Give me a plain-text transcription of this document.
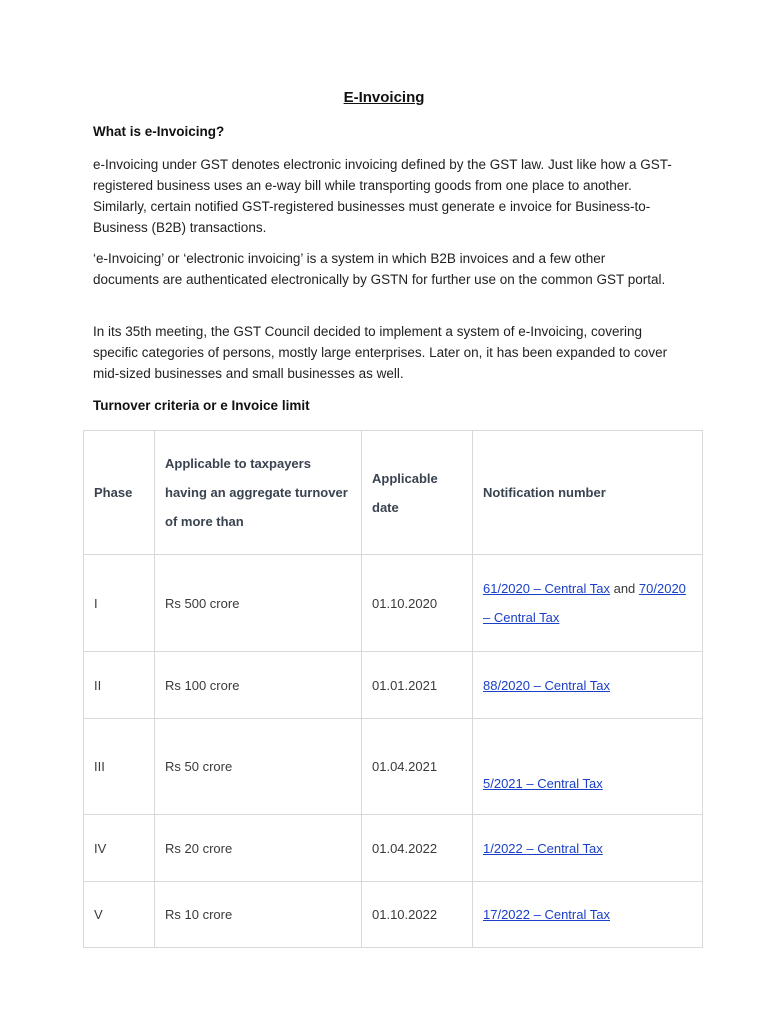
E-Invoicing
What is e-Invoicing?

e-Invoicing under GST denotes electronic invoicing defined by the GST law. Just like how a GST-registered business uses an e-way bill while transporting goods from one place to another. Similarly, certain notified GST-registered businesses must generate e invoice for Business-to-Business (B2B) transactions.

‘e-Invoicing’ or ‘electronic invoicing’ is a system in which B2B invoices and a few other documents are authenticated electronically by GSTN for further use on the common GST portal.

In its 35th meeting, the GST Council decided to implement a system of e-Invoicing, covering specific categories of persons, mostly large enterprises. Later on, it has been expanded to cover mid-sized businesses and small businesses as well.

Turnover criteria or e Invoice limit
Phase	Applicable to taxpayers having an aggregate turnover of more than	Applicable date	Notification number
I	Rs 500 crore	01.10.2020	61/2020 – Central Tax and 70/2020 – Central Tax
II	Rs 100 crore	01.01.2021	88/2020 – Central Tax
III	Rs 50 crore	01.04.2021	5/2021 – Central Tax
IV	Rs 20 crore	01.04.2022	1/2022 – Central Tax
V	Rs 10 crore	01.10.2022	17/2022 – Central Tax
